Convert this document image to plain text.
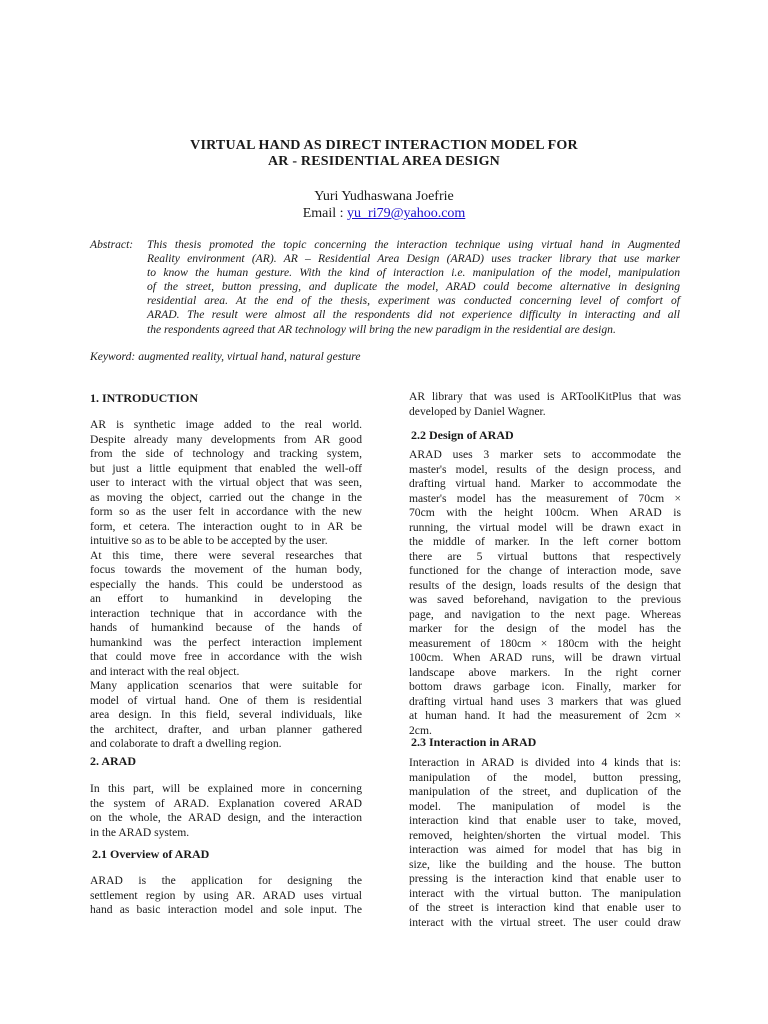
VIRTUAL HAND AS DIRECT INTERACTION MODEL FOR
AR - RESIDENTIAL AREA DESIGN
Yuri Yudhaswana Joefrie
Email : yu_ri79@yahoo.com
Abstract: This thesis promoted the topic concerning the interaction technique using virtual hand in Augmented
Reality environment (AR). AR – Residential Area Design (ARAD) uses tracker library that use marker
to know the human gesture. With the kind of interaction i.e. manipulation of the model, manipulation
of the street, button pressing, and duplicate the model, ARAD could become alternative in designing
residential area. At the end of the thesis, experiment was conducted concerning level of comfort of
ARAD. The result were almost all the respondents did not experience difficulty in interacting and all
the respondents agreed that AR technology will bring the new paradigm in the residential are design.
Keyword: augmented reality, virtual hand, natural gesture
1. INTRODUCTION
AR is synthetic image added to the real world.
Despite already many developments from AR good
from the side of technology and tracking system,
but just a little equipment that enabled the well-off
user to interact with the virtual object that was seen,
as moving the object, carried out the change in the
form so as the user felt in accordance with the new
form, et cetera. The interaction ought to in AR be
intuitive so as to be able to be accepted by the user.
At this time, there were several researches that
focus towards the movement of the human body,
especially the hands. This could be understood as
an effort to humankind in developing the
interaction technique that in accordance with the
hands of humankind because of the hands of
humankind was the perfect interaction implement
that could move free in accordance with the wish
and interact with the real object.
Many application scenarios that were suitable for
model of virtual hand. One of them is residential
area design. In this field, several individuals, like
the architect, drafter, and urban planner gathered
and colaborate to draft a dwelling region.
2. ARAD
In this part, will be explained more in concerning
the system of ARAD. Explanation covered ARAD
on the whole, the ARAD design, and the interaction
in the ARAD system.
2.1 Overview of ARAD
ARAD is the application for designing the
settlement region by using AR. ARAD uses virtual
hand as basic interaction model and sole input. The
AR library that was used is ARToolKitPlus that was
developed by Daniel Wagner.
2.2 Design of ARAD
ARAD uses 3 marker sets to accommodate the
master's model, results of the design process, and
drafting virtual hand. Marker to accommodate the
master's model has the measurement of 70cm ×
70cm with the height 100cm. When ARAD is
running, the virtual model will be drawn exact in
the middle of marker. In the left corner bottom
there are 5 virtual buttons that respectively
functioned for the change of interaction mode, save
results of the design, loads results of the design that
was saved beforehand, navigation to the previous
page, and navigation to the next page. Whereas
marker for the design of the model has the
measurement of 180cm × 180cm with the height
100cm. When ARAD runs, will be drawn virtual
landscape above markers. In the right corner
bottom draws garbage icon. Finally, marker for
drafting virtual hand uses 3 markers that was glued
at human hand. It had the measurement of 2cm ×
2cm.
2.3 Interaction in ARAD
Interaction in ARAD is divided into 4 kinds that is:
manipulation of the model, button pressing,
manipulation of the street, and duplication of the
model. The manipulation of model is the
interaction kind that enable user to take, moved,
removed, heighten/shorten the virtual model. This
interaction was aimed for model that has big in
size, like the building and the house. The button
pressing is the interaction kind that enable user to
interact with the virtual button. The manipulation
of the street is interaction kind that enable user to
interact with the virtual street. The user could draw
